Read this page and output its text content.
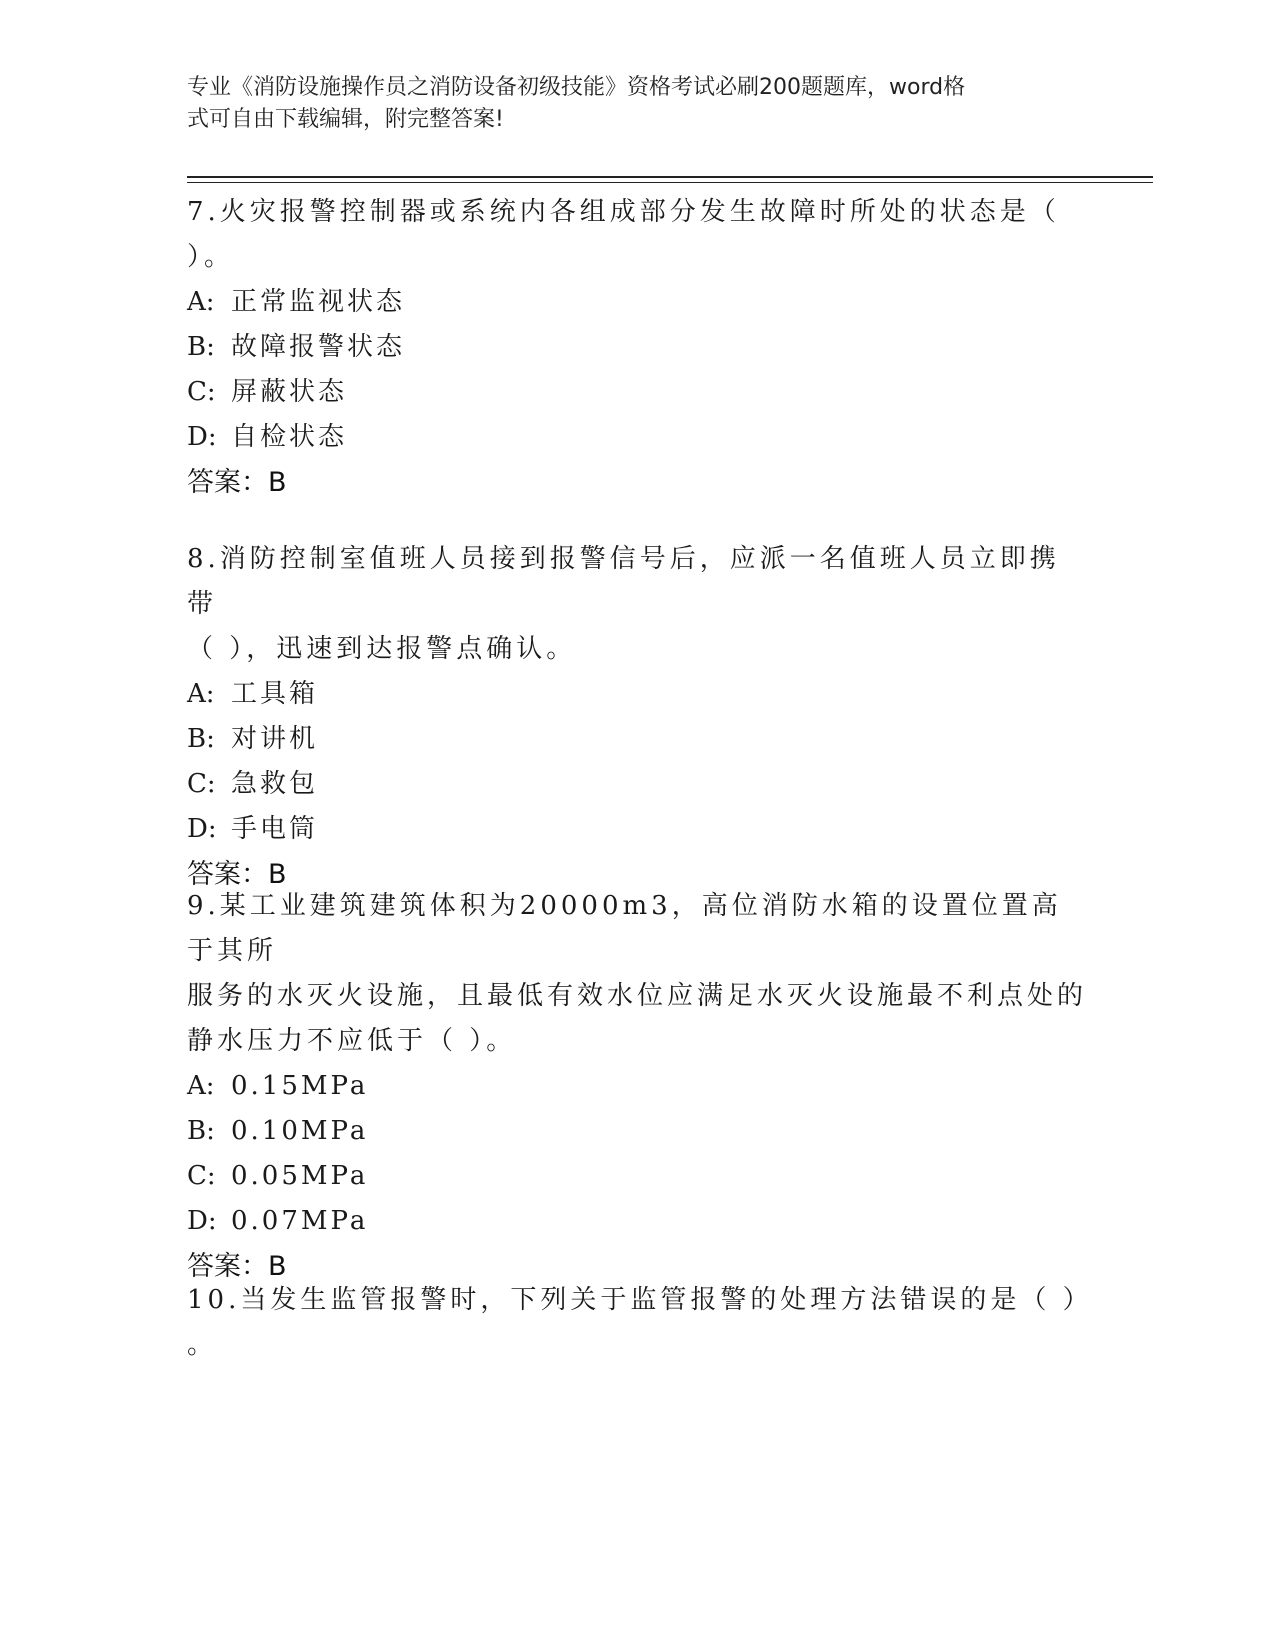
专业《消防设施操作员之消防设备初级技能》资格考试必刷200题题库，word格
式可自由下载编辑，附完整答案!
7.火灾报警控制器或系统内各组成部分发生故障时所处的状态是（
）。
A: 正常监视状态
B: 故障报警状态
C: 屏蔽状态
D: 自检状态
答案：B
8.消防控制室值班人员接到报警信号后，应派一名值班人员立即携带
（ ），迅速到达报警点确认。
A: 工具箱
B: 对讲机
C: 急救包
D: 手电筒
答案：B
9.某工业建筑建筑体积为20000m3，高位消防水箱的设置位置高于其所
服务的水灭火设施，且最低有效水位应满足水灭火设施最不利点处的
静水压力不应低于（ ）。
A: 0.15MPa
B: 0.10MPa
C: 0.05MPa
D: 0.07MPa
答案：B
10.当发生监管报警时，下列关于监管报警的处理方法错误的是（ ）
。
